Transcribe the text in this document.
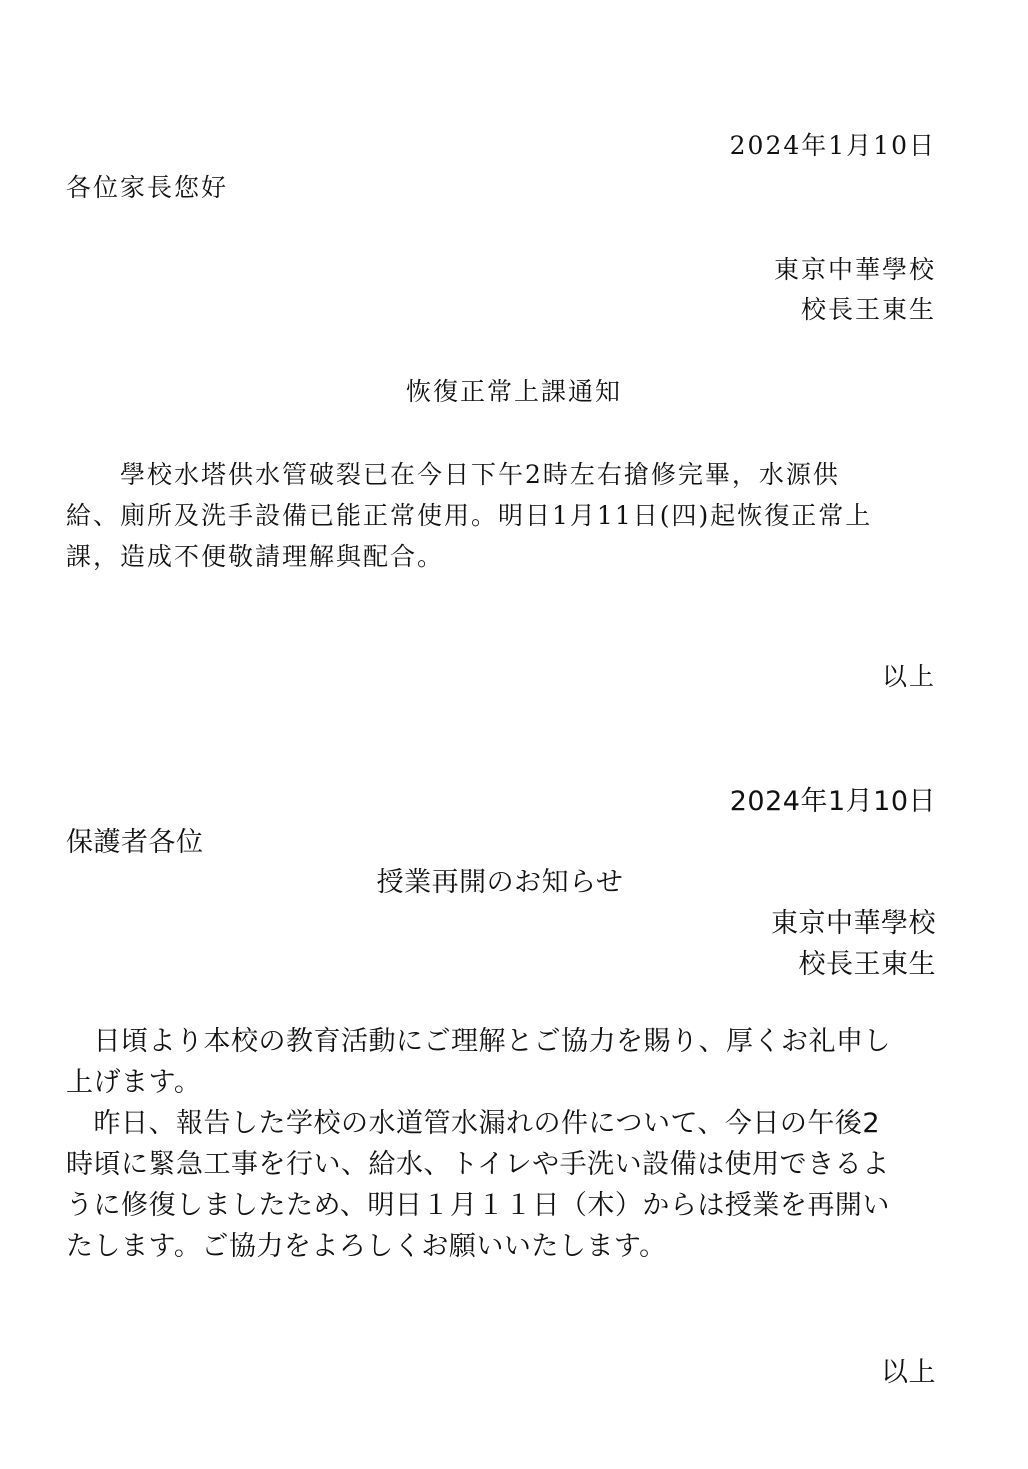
2024年1月10日
各位家長您好
東京中華學校
校長王東生
恢復正常上課通知
　　學校水塔供水管破裂已在今日下午2時左右搶修完畢，水源供
給、廁所及洗手設備已能正常使用。明日1月11日(四)起恢復正常上
課，造成不便敬請理解與配合。
以上
2024年1月10日
保護者各位
授業再開のお知らせ
東京中華學校
校長王東生
　日頃より本校の教育活動にご理解とご協力を賜り、厚くお礼申し
上げます。
　昨日、報告した学校の水道管水漏れの件について、今日の午後2
時頃に緊急工事を行い、給水、トイレや手洗い設備は使用できるよ
うに修復しましたため、明日１月１１日（木）からは授業を再開い
たします。ご協力をよろしくお願いいたします。
以上
